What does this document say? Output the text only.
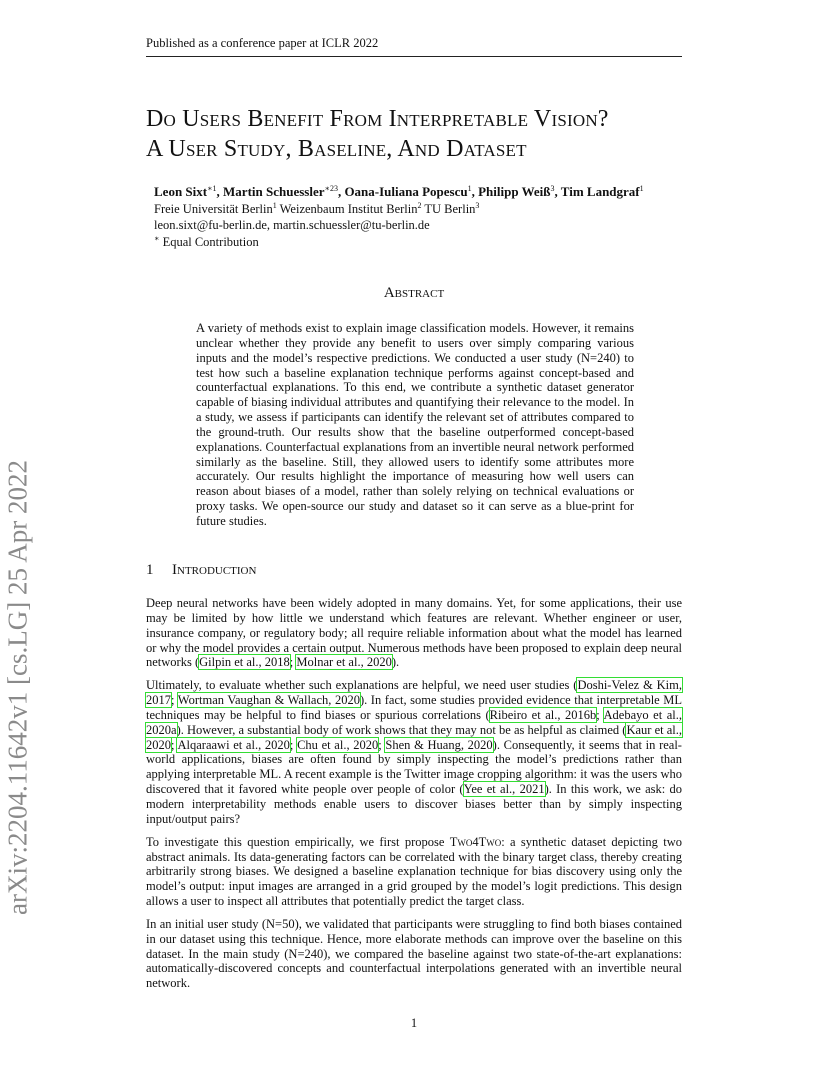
Published as a conference paper at ICLR 2022
arXiv:2204.11642v1 [cs.LG] 25 Apr 2022
Do Users Benefit From Interpretable Vision?
A User Study, Baseline, And Dataset
Leon Sixt$^{∗1}$, Martin Schuessler$^{∗23}$, Oana-Iuliana Popescu$^1$, Philipp Weiß$^3$, Tim Landgraf$^1$
Freie Universität Berlin$^1$ Weizenbaum Institut Berlin$^2$ TU Berlin$^3$
leon.sixt@fu-berlin.de, martin.schuessler@tu-berlin.de
∗ Equal Contribution
Abstract
A variety of methods exist to explain image classification models. However, it remains unclear whether they provide any benefit to users over simply comparing various inputs and the model’s respective predictions. We conducted a user study (N=240) to test how such a baseline explanation technique performs against concept-based and counterfactual explanations. To this end, we contribute a synthetic dataset generator capable of biasing individual attributes and quantifying their relevance to the model. In a study, we assess if participants can identify the relevant set of attributes compared to the ground-truth. Our results show that the baseline outperformed concept-based explanations. Counterfactual explanations from an invertible neural network performed similarly as the baseline. Still, they allowed users to identify some attributes more accurately. Our results highlight the importance of measuring how well users can reason about biases of a model, rather than solely relying on technical evaluations or proxy tasks. We open-source our study and dataset so it can serve as a blue-print for future studies.
1 Introduction

Deep neural networks have been widely adopted in many domains. Yet, for some applications, their use may be limited by how little we understand which features are relevant. Whether engineer or user, insurance company, or regulatory body; all require reliable information about what the model has learned or why the model provides a certain output. Numerous methods have been proposed to explain deep neural networks (Gilpin et al., 2018; Molnar et al., 2020).

Ultimately, to evaluate whether such explanations are helpful, we need user studies (Doshi-Velez & Kim, 2017; Wortman Vaughan & Wallach, 2020). In fact, some studies provided evidence that interpretable ML techniques may be helpful to find biases or spurious correlations (Ribeiro et al., 2016b; Adebayo et al., 2020a). However, a substantial body of work shows that they may not be as helpful as claimed (Kaur et al., 2020; Alqaraawi et al., 2020; Chu et al., 2020; Shen & Huang, 2020). Consequently, it seems that in real-world applications, biases are often found by simply inspecting the model’s predictions rather than applying interpretable ML. A recent example is the Twitter image cropping algorithm: it was the users who discovered that it favored white people over people of color (Yee et al., 2021). In this work, we ask: do modern interpretability methods enable users to discover biases better than by simply inspecting input/output pairs?

To investigate this question empirically, we first propose Two4Two: a synthetic dataset depicting two abstract animals. Its data-generating factors can be correlated with the binary target class, thereby creating arbitrarily strong biases. We designed a baseline explanation technique for bias discovery using only the model’s output: input images are arranged in a grid grouped by the model’s logit predictions. This design allows a user to inspect all attributes that potentially predict the target class.

In an initial user study (N=50), we validated that participants were struggling to find both biases contained in our dataset using this technique. Hence, more elaborate methods can improve over the baseline on this dataset. In the main study (N=240), we compared the baseline against two state-of-the-art explanations: automatically-discovered concepts and counterfactual interpolations generated with an invertible neural network.

1
